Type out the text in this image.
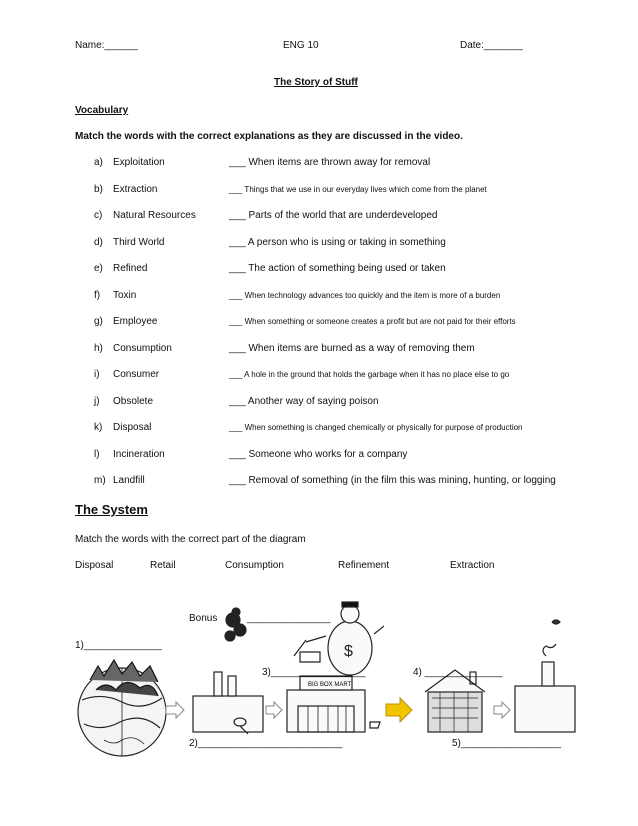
Name:______	ENG 10	Date:_______
The Story of Stuff
Vocabulary
Match the words with the correct explanations as they are discussed in the video.
a) Exploitation	___ When items are thrown away for removal
b) Extraction	___ Things that we use in our everyday lives which come from the planet
c) Natural Resources	___ Parts of the world that are underdeveloped
d) Third World	___ A person who is using or taking in something
e) Refined	___ The action of something being used or taken
f) Toxin	___ When technology advances too quickly and the item is more of a burden
g) Employee	___ When something or someone creates a profit but are not paid for their efforts
h) Consumption	___ When items are burned as a way of removing them
i) Consumer	___ A hole in the ground that holds the garbage when it has no place else to go
j) Obsolete	___ Another way of saying poison
k) Disposal	___ When something is changed chemically or physically for purpose of production
l) Incineration	___ Someone who works for a company
m) Landfill	___ Removal of something (in the film this was mining, hunting, or logging
The System
Match the words with the correct part of the diagram
Disposal	Retail	Consumption	Refinement	Extraction
BIG BOX MART
$
Bonus	_______________
1)______________
3)_________________	4) ______________
2)__________________________	5)__________________
